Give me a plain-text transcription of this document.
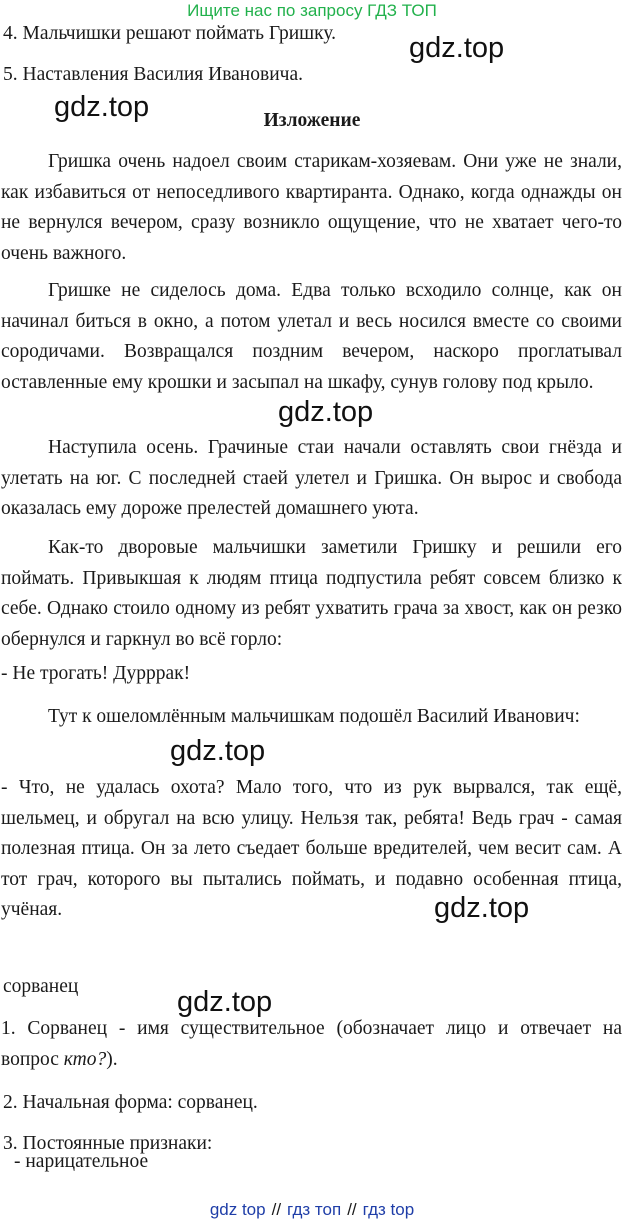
Ищите нас по запросу ГДЗ ТОП
4. Мальчишки решают поймать Гришку.
5. Наставления Василия Ивановича.
Изложение

Гришка очень надоел своим старикам-хозяевам. Они уже не знали, как избавиться от непоседливого квартиранта. Однако, когда однажды он не вернулся вечером, сразу возникло ощущение, что не хватает чего-то очень важного.

Гришке не сиделось дома. Едва только всходило солнце, как он начинал биться в окно, а потом улетал и весь носился вместе со своими сородичами. Возвращался поздним вечером, наскоро проглатывал оставленные ему крошки и засыпал на шкафу, сунув голову под крыло.

Наступила осень. Грачиные стаи начали оставлять свои гнёзда и улетать на юг. С последней стаей улетел и Гришка. Он вырос и свобода оказалась ему дороже прелестей домашнего уюта.

Как-то дворовые мальчишки заметили Гришку и решили его поймать. Привыкшая к людям птица подпустила ребят совсем близко к себе. Однако стоило одному из ребят ухватить грача за хвост, как он резко обернулся и гаркнул во всё горло:

- Не трогать! Дурррак!

Тут к ошеломлённым мальчишкам подошёл Василий Иванович:

- Что, не удалась охота? Мало того, что из рук вырвался, так ещё, шельмец, и обругал на всю улицу. Нельзя так, ребята! Ведь грач - самая полезная птица. Он за лето съедает больше вредителей, чем весит сам. А тот грач, которого вы пытались поймать, и подавно особенная птица, учёная.

сорванец

1. Сорванец - имя существительное (обозначает лицо и отвечает на вопрос кто?).

2. Начальная форма: сорванец.
3. Постоянные признаки:
- нарицательное
gdz.top
gdz.top
gdz.top
gdz.top
gdz.top
gdz.top
gdz top // гдз топ // гдз top
